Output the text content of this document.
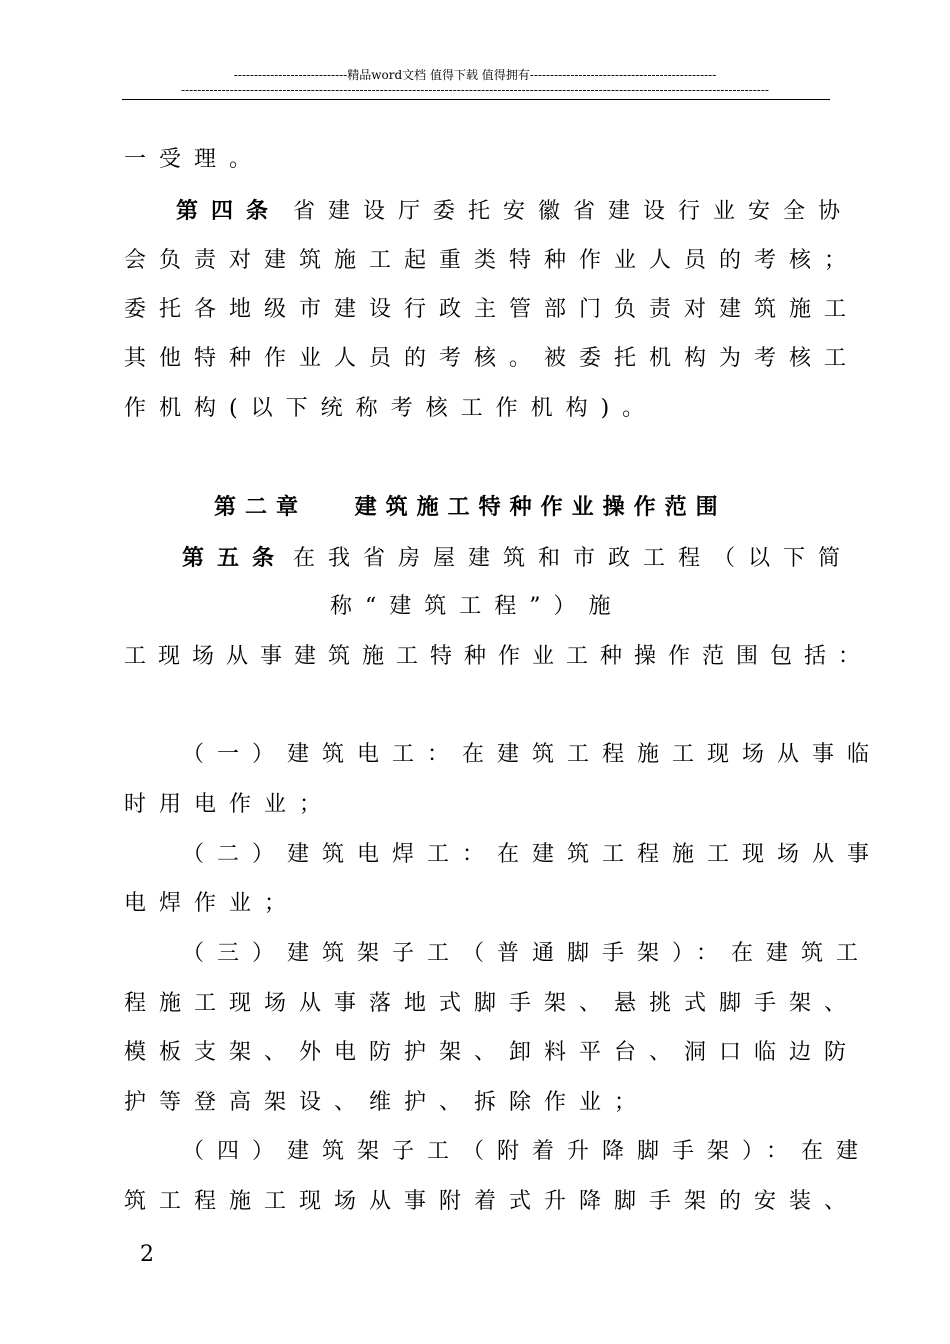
----------------------------精品word文档 值得下载 值得拥有----------------------------------------------
-------------------------------------------------------------------------------------------------------------------------------------------------
一受理。
第四条 省建设厅委托安徽省建设行业安全协
会负责对建筑施工起重类特种作业人员的考核；
委托各地级市建设行政主管部门负责对建筑施工
其他特种作业人员的考核。被委托机构为考核工
作机构(以下统称考核工作机构)。
第二章　 建筑施工特种作业操作范围
第五条 在我省房屋建筑和市政工程（以下简
称“建筑工程”）施
工现场从事建筑施工特种作业工种操作范围包括：
（一）建筑电工：在建筑工程施工现场从事临
时用电作业；
（二）建筑电焊工：在建筑工程施工现场从事
电焊作业；
（三）建筑架子工（普通脚手架）：在建筑工
程施工现场从事落地式脚手架、悬挑式脚手架、
模板支架、外电防护架、卸料平台、洞口临边防
护等登高架设、维护、拆除作业；
（四）建筑架子工（附着升降脚手架）：在建
筑工程施工现场从事附着式升降脚手架的安装、
2
